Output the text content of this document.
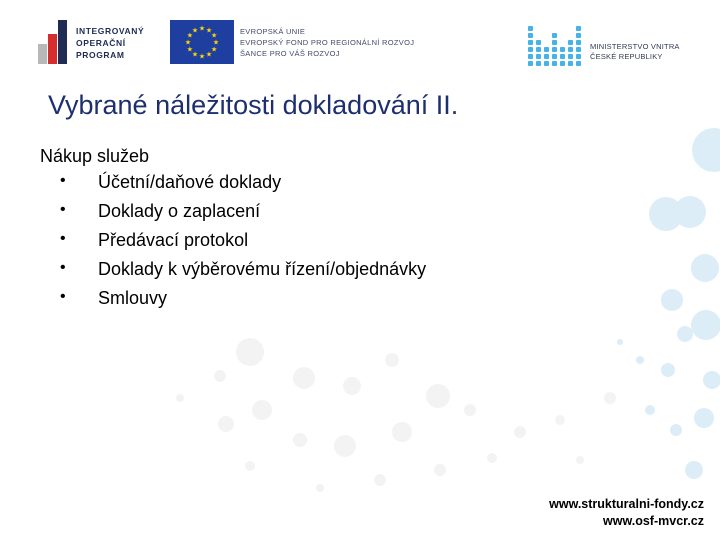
INTEGROVANÝ
OPERAČNÍ
PROGRAM
★ ★
★
★
★
★
★
★
★
★
★
★	EVROPSKÁ UNIE
EVROPSKÝ FOND PRO REGIONÁLNÍ ROZVOJ
ŠANCE PRO VÁŠ ROZVOJ
MINISTERSTVO VNITRA
ČESKÉ REPUBLIKY
Vybrané náležitosti dokladování II.
Nákup služeb
• Účetní/daňové doklady
• Doklady o zaplacení
• Předávací protokol
• Doklady k výběrovému řízení/objednávky
• Smlouvy
www.strukturalni-fondy.cz
www.osf-mvcr.cz
